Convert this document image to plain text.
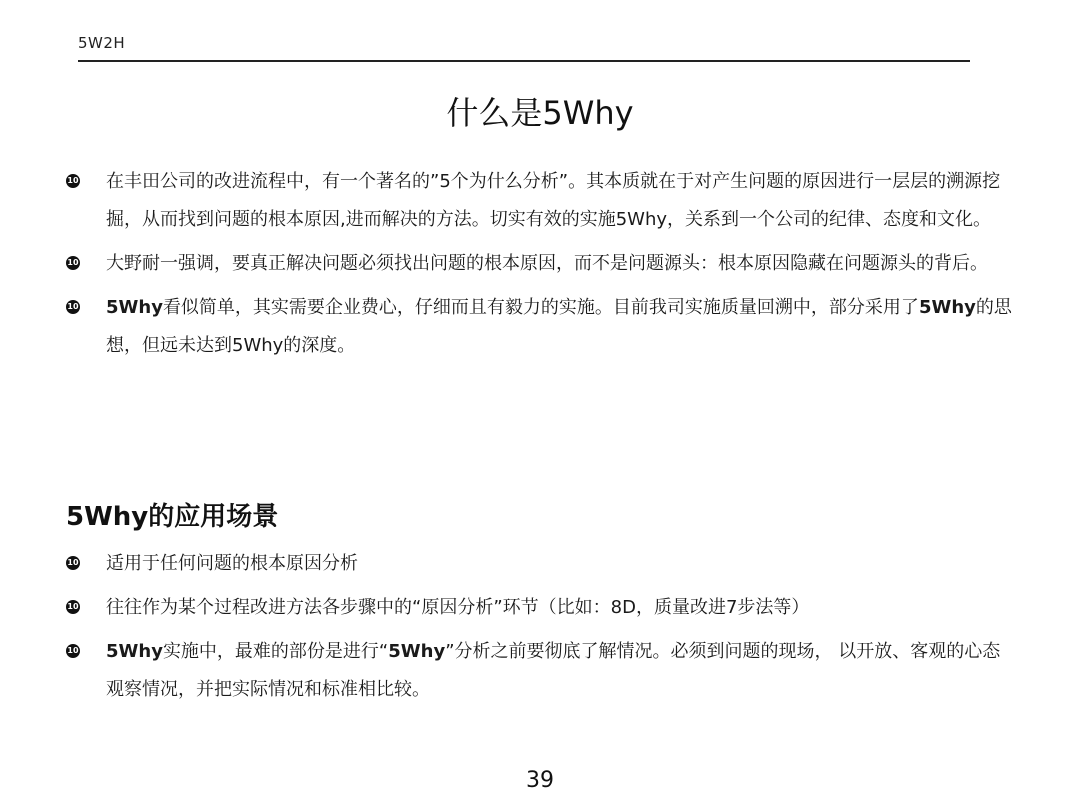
5W2H
什么是5Why
10 在丰田公司的改进流程中，有一个著名的”5个为什么分析”。其本质就在于对产生问题的原因进行一层层的溯源挖掘，从而找到问题的根本原因,进而解决的方法。切实有效的实施5Why，关系到一个公司的纪律、态度和文化。
10 大野耐一强调，要真正解决问题必须找出问题的根本原因，而不是问题源头：根本原因隐藏在问题源头的背后。
10 5Why看似简单，其实需要企业费心，仔细而且有毅力的实施。目前我司实施质量回溯中，部分采用了5Why的思想，但远未达到5Why的深度。
5Why的应用场景
10 适用于任何问题的根本原因分析
10 往往作为某个过程改进方法各步骤中的“原因分析”环节（比如：8D，质量改进7步法等）
10 5Why实施中，最难的部份是进行“5Why”分析之前要彻底了解情况。必须到问题的现场， 以开放、客观的心态观察情况，并把实际情况和标准相比较。
39
